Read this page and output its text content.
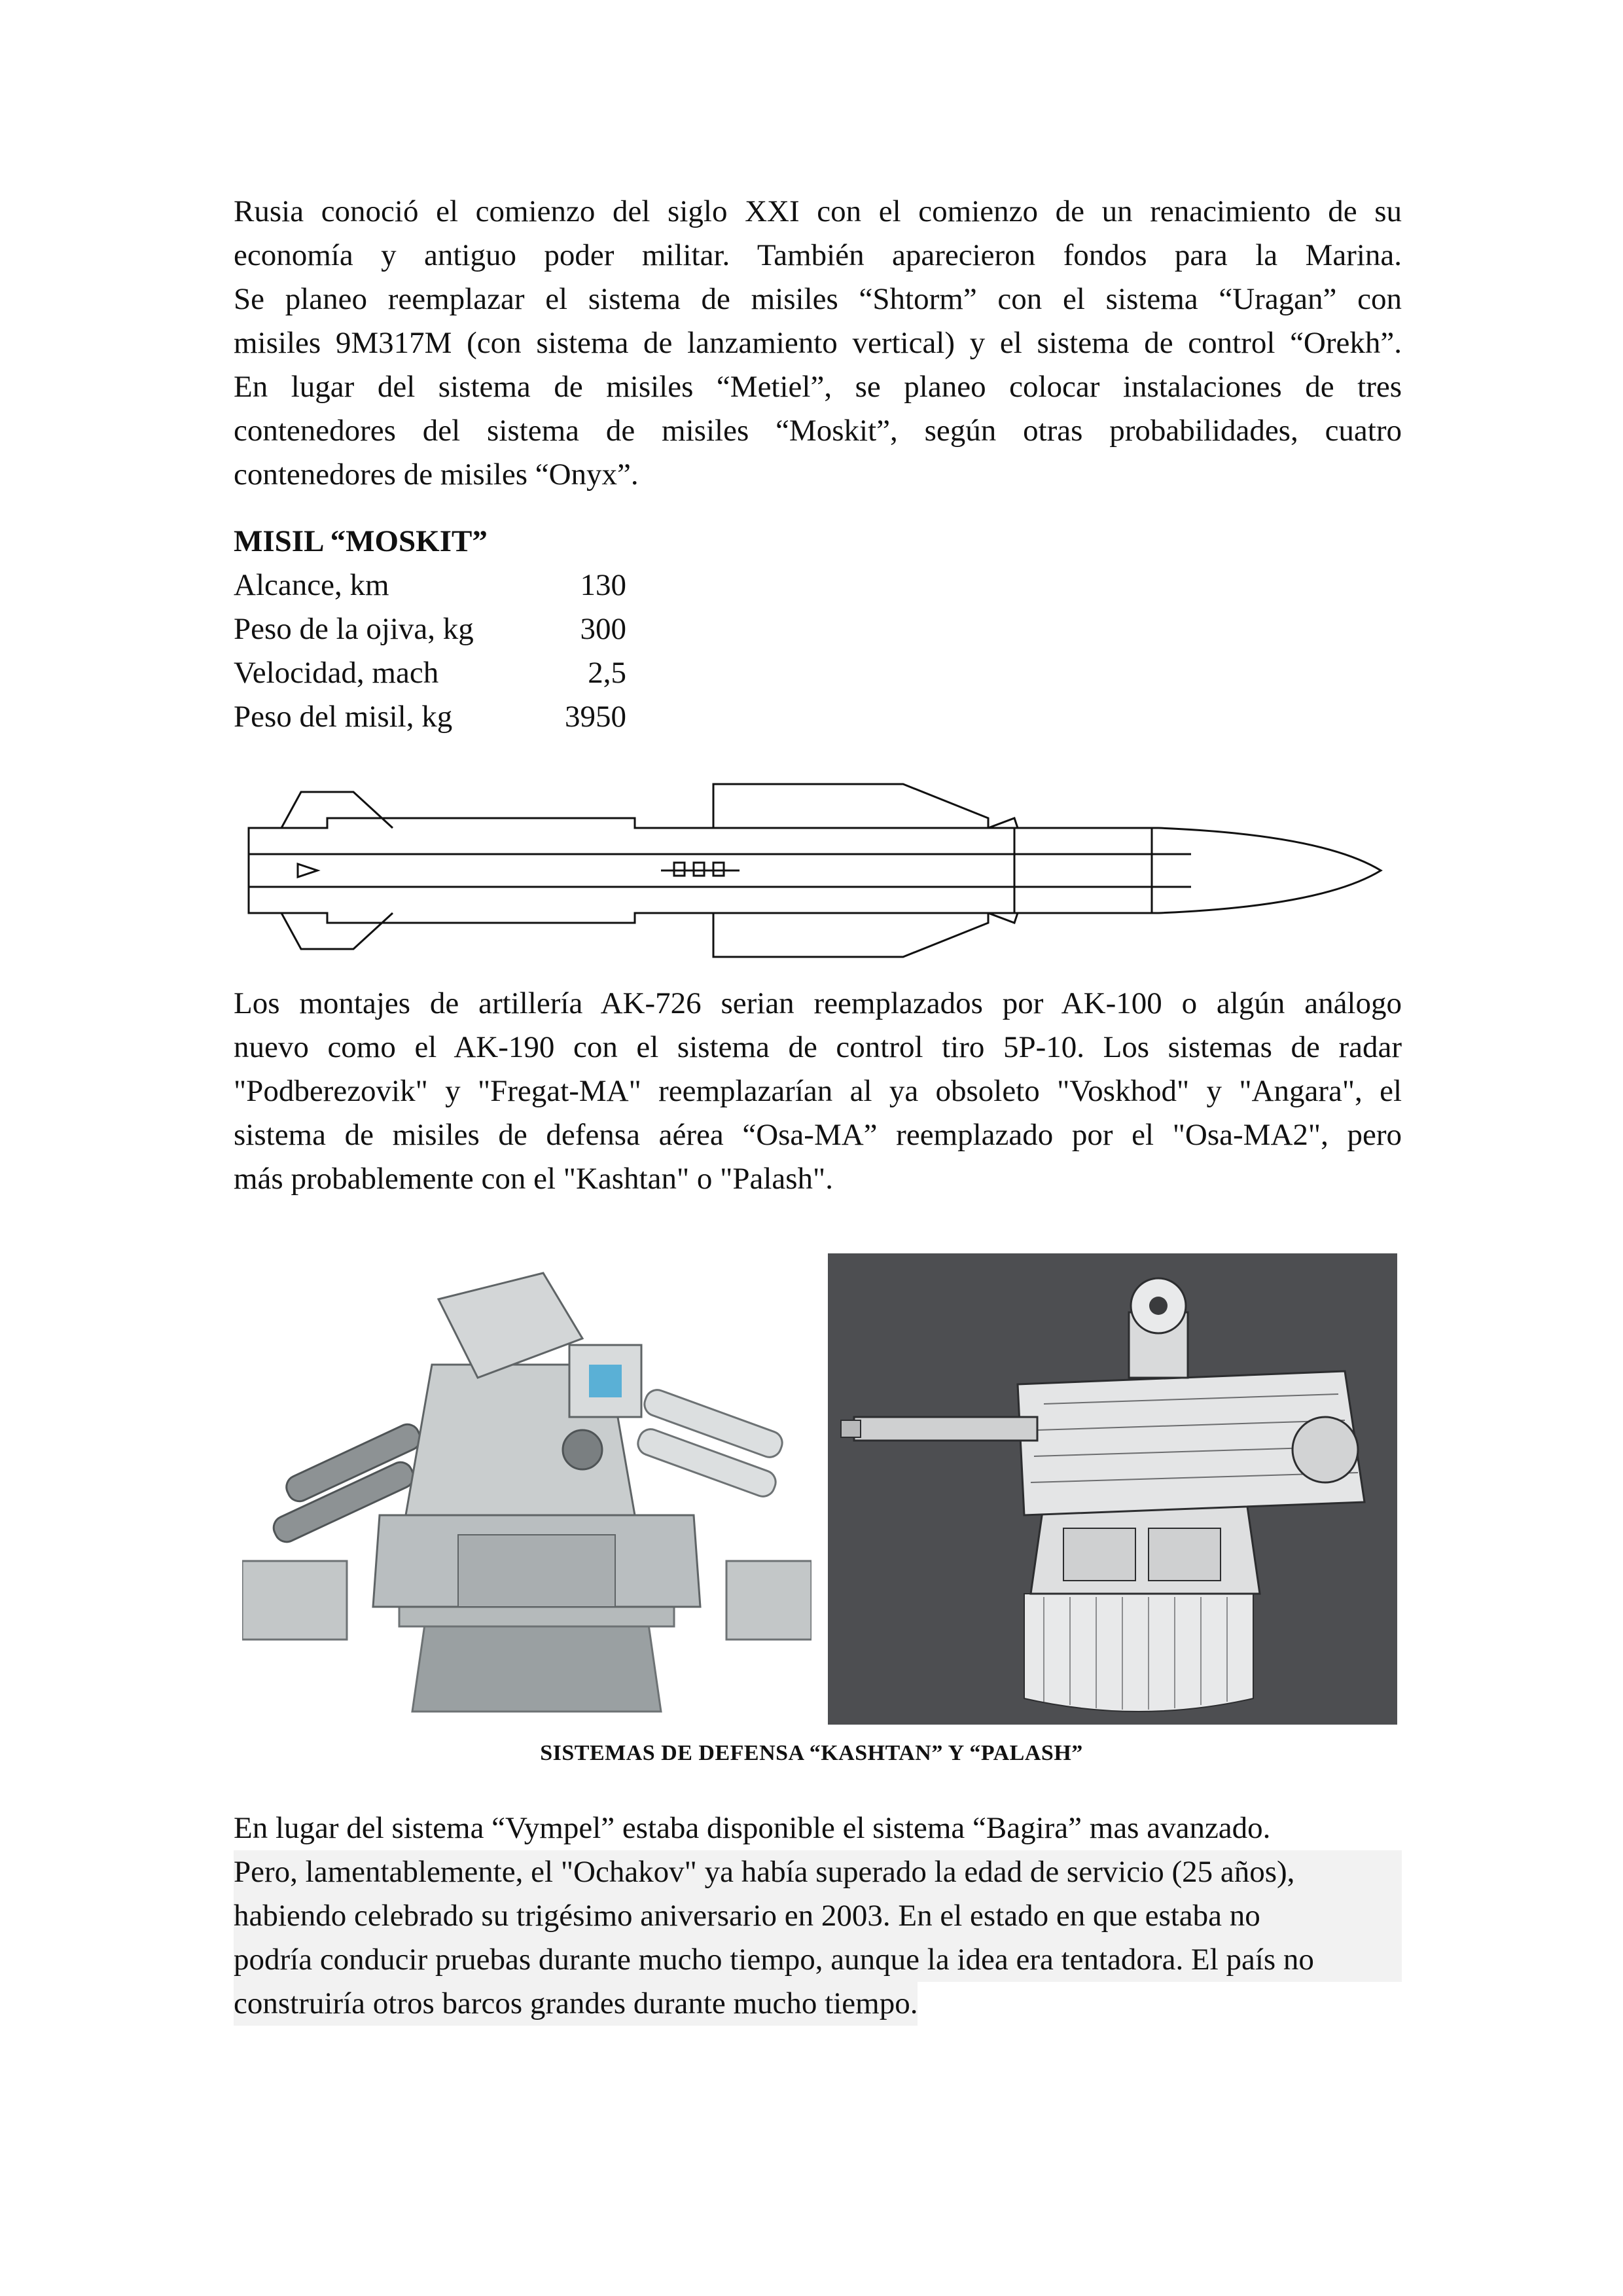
Rusia conoció el comienzo del siglo XXI con el comienzo de un renacimiento de su
economía y antiguo poder militar. También aparecieron fondos para la Marina.
Se planeo reemplazar el sistema de misiles “Shtorm” con el sistema “Uragan” con
misiles 9M317M (con sistema de lanzamiento vertical) y el sistema de control “Orekh”.
En lugar del sistema de misiles “Metiel”, se planeo colocar instalaciones de tres
contenedores del sistema de misiles “Moskit”, según otras probabilidades, cuatro
contenedores de misiles “Onyx”.

MISIL “MOSKIT”
Alcance, km	130
Peso de la ojiva, kg	300
Velocidad, mach	2,5
Peso del misil, kg	3950

Los montajes de artillería AK-726 serian reemplazados por AK-100 o algún análogo
nuevo como el AK-190 con el sistema de control tiro 5P-10. Los sistemas de radar
"Podberezovik" y "Fregat-MA" reemplazarían al ya obsoleto "Voskhod" y "Angara", el
sistema de misiles de defensa aérea “Osa-MA” reemplazado por el "Osa-MA2", pero
más probablemente con el "Kashtan" o "Palash".

SISTEMAS DE DEFENSA “KASHTAN” Y “PALASH”

En lugar del sistema “Vympel” estaba disponible el sistema “Bagira” mas avanzado.
Pero, lamentablemente, el "Ochakov" ya había superado la edad de servicio (25 años),
habiendo celebrado su trigésimo aniversario en 2003. En el estado en que estaba no
podría conducir pruebas durante mucho tiempo, aunque la idea era tentadora. El país no
construiría otros barcos grandes durante mucho tiempo.
